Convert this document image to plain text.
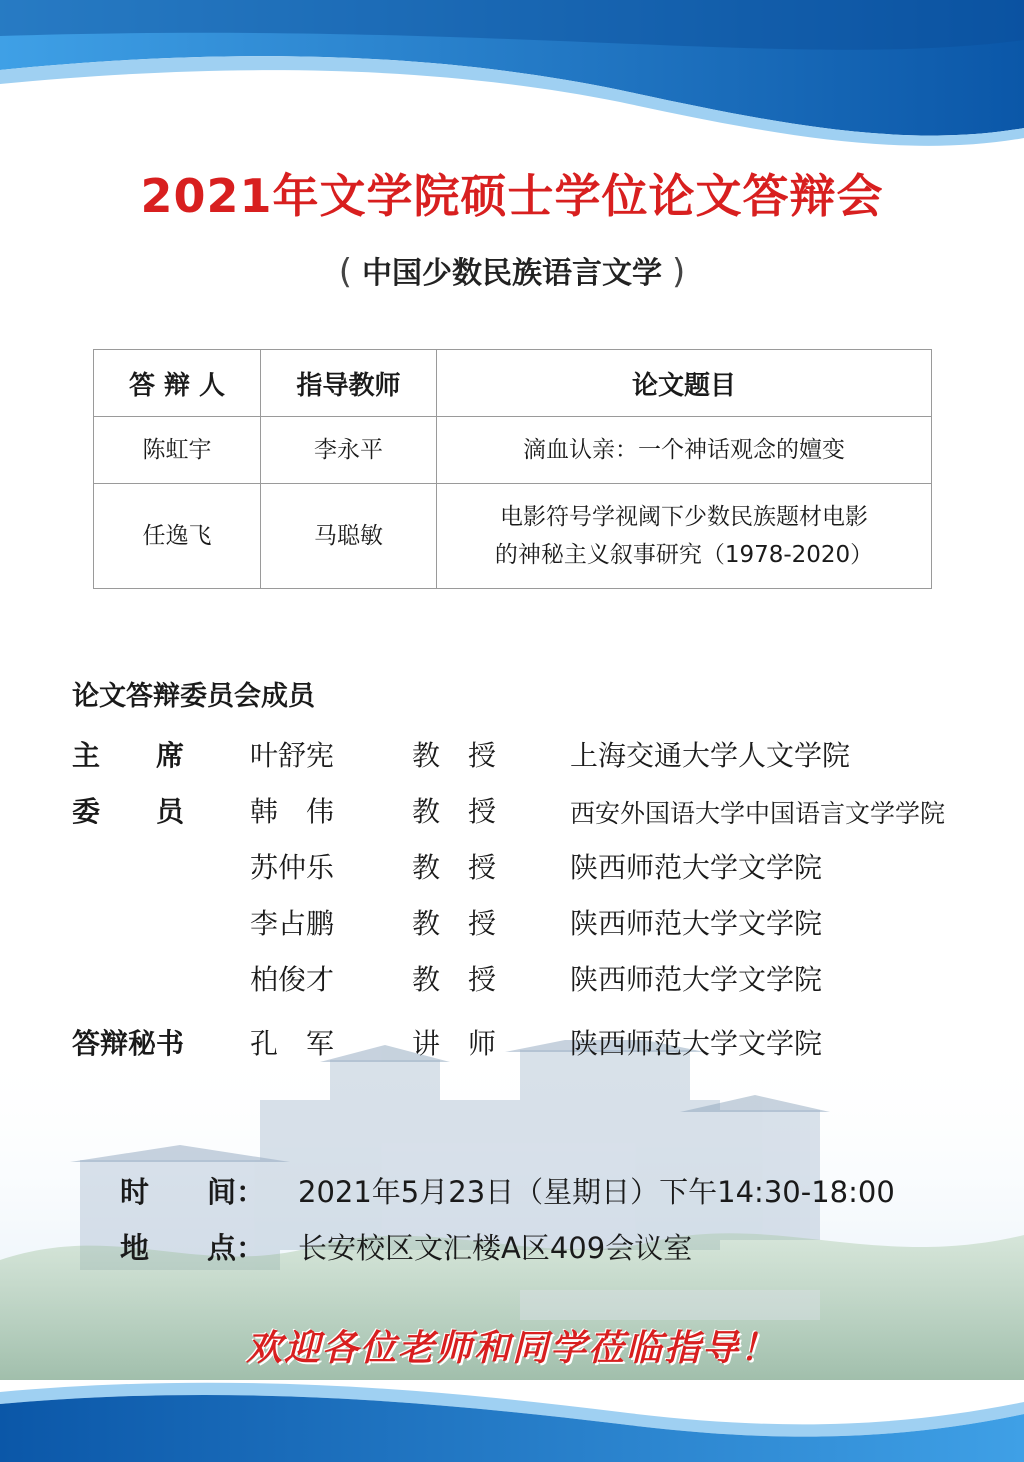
2021年文学院硕士学位论文答辩会
( 中国少数民族语言文学 )
答 辩 人	指导教师	论文题目
陈虹宇	李永平	滴血认亲：一个神话观念的嬗变

任逸飞	马聪敏	电影符号学视阈下少数民族题材电影
的神秘主义叙事研究（1978-2020）
论文答辩委员会成员
主　　席	叶舒宪	教　授	上海交通大学人文学院
委　　员	韩　伟	教　授	西安外国语大学中国语言文学学院
苏仲乐	教　授	陕西师范大学文学院
李占鹏	教　授	陕西师范大学文学院
柏俊才	教　授	陕西师范大学文学院
答辩秘书	孔　军	讲　师	陕西师范大学文学院
时　　间： 2021年5月23日（星期日）下午14:30-18:00
地　　点： 长安校区文汇楼A区409会议室
欢迎各位老师和同学莅临指导！
